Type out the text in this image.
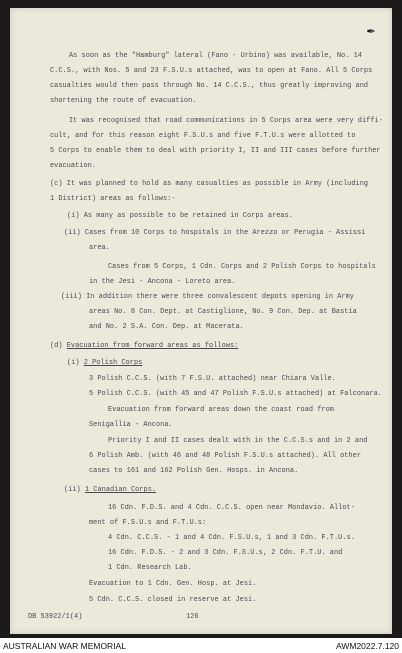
✒
As soon as the "Hamburg" lateral (Fano - Urbino) was available, No. 14
C.C.S., with Nos. 5 and 23 F.S.U.s attached, was to open at Fano. All 5 Corps
casualties would then pass through No. 14 C.C.S., thus greatly improving and
shortening the route of evacuation.
It was recognised that road communications in 5 Corps area were very diffi-
cult, and for this reason eight F.S.U.s and five F.T.U.s were allotted to
5 Corps to enable them to deal with priority I, II and III cases before further
evacuation.
(c) It was planned to hold as many casualties as possible in Army (including
1 District) areas as follows:-
(i) As many as possible to be retained in Corps areas.
(ii) Cases from 10 Corps to hospitals in the Arezzo or Perugia - Assissi
area.
Cases from 5 Corps, 1 Cdn. Corps and 2 Polish Corps to hospitals
in the Jesi - Ancona - Loreto area.
(iii) In addition there were three convalescent depots opening in Army
areas No. 8 Con. Dept. at Castiglione, No. 9 Con. Dep. at Bastia
and No. 2 S.A. Con. Dep. at Macerata.
(d) Evacuation from forward areas as follows:
(i) 2 Polish Corps
3 Polish C.C.S. (with 7 F.S.U. attached) near Chiara Valle.
5 Polish C.C.S. (with 45 and 47 Polish F.S.U.s attached) at Falconara.
Evacuation from forward areas down the coast road from
Senigallia - Ancona.
Priority I and II cases dealt with in the C.C.S.s and in 2 and
6 Polish Amb. (with 46 and 48 Polish F.S.U.s attached). All other
cases to 161 and 162 Polish Gen. Hosps. in Ancona.
(ii) 1 Canadian Corps.
16 Cdn. F.D.S. and 4 Cdn. C.C.S. open near Mondavio. Allot-
ment of F.S.U.s and F.T.U.s:
4 Cdn. C.C.S. - 1 and 4 Cdn. F.S.U.s, 1 and 3 Cdn. F.T.U.s.
16 Cdn. F.D.S. - 2 and 3 Cdn. F.S.U.s, 2 Cdn. F.T.U. and
1 Cdn. Research Lab.
Evacuation to 1 Cdn. Gen. Hosp. at Jesi.
5 Cdn. C.C.S. closed in reserve at Jesi.
DB 53922/1(4)	126
AUSTRALIAN WAR MEMORIAL	AWM2022.7.120
